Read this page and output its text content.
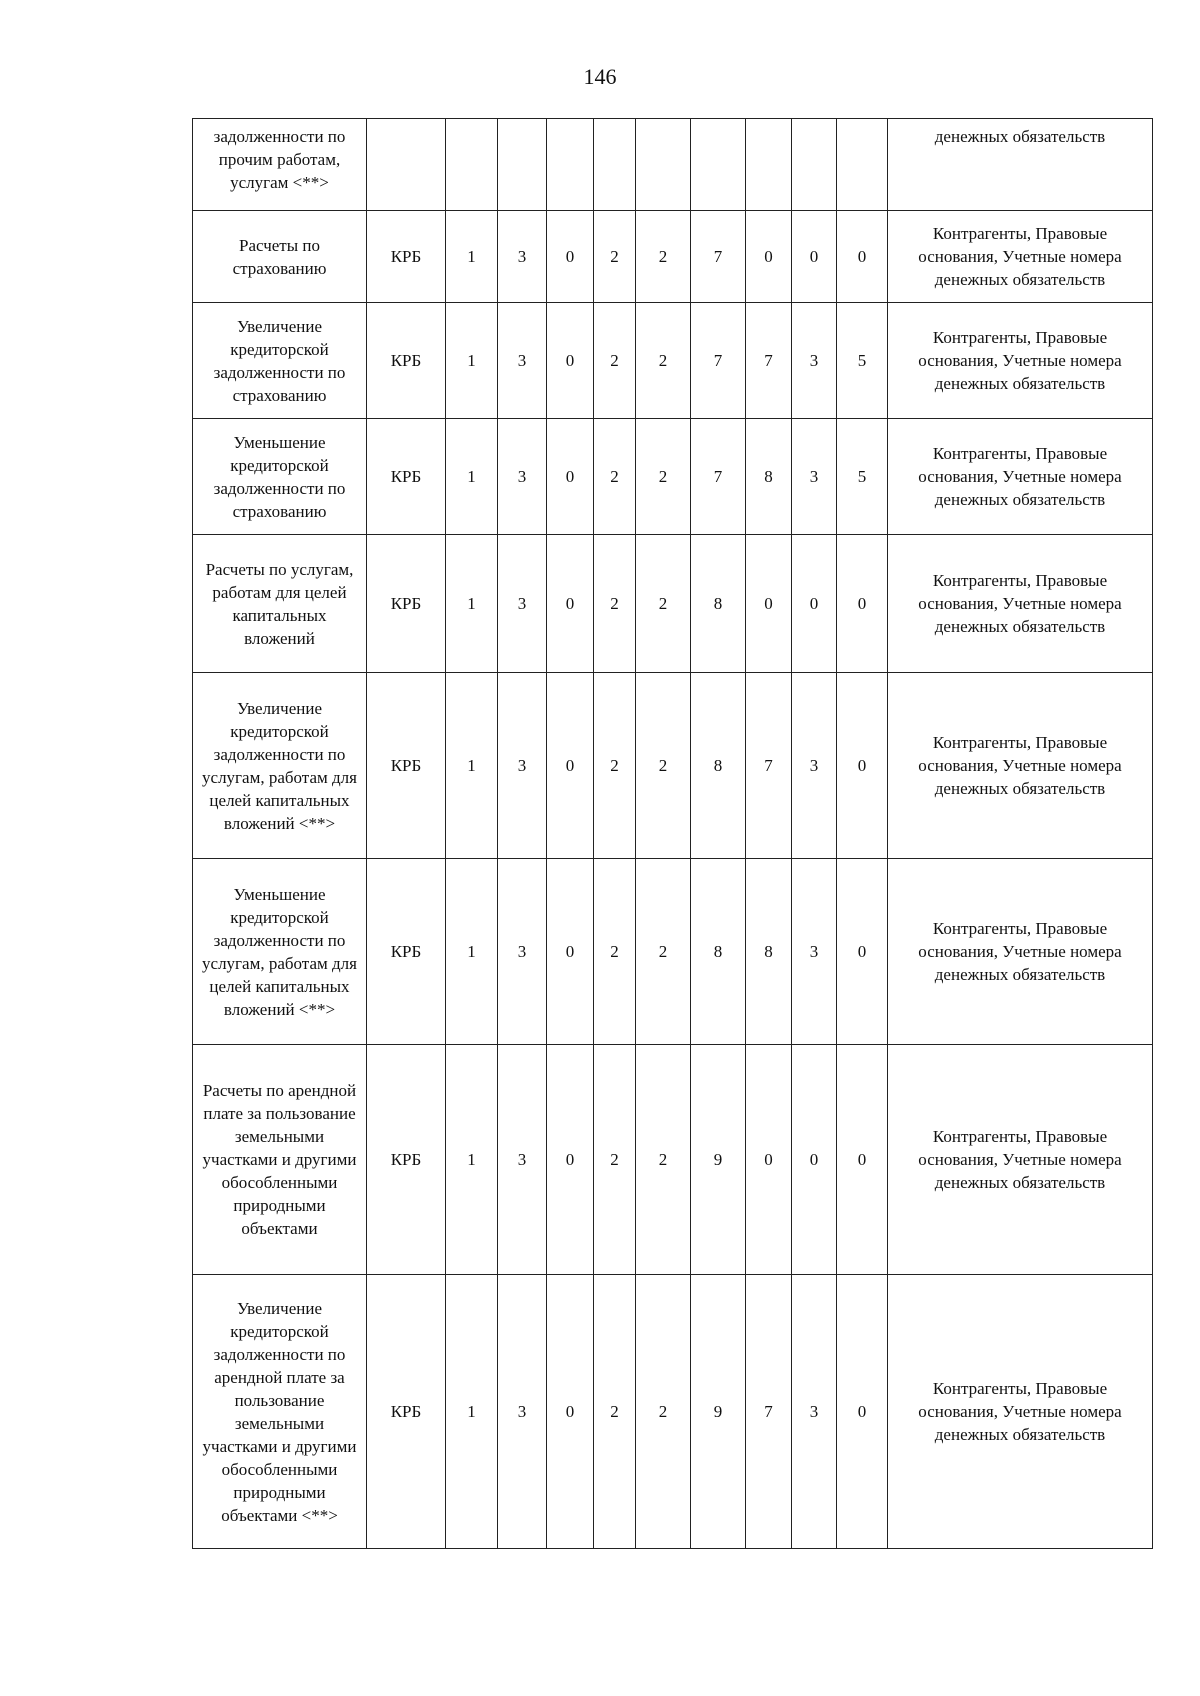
146
задолженности по прочим работам, услугам <**>											денежных обязательств
Расчеты по страхованию	КРБ	1	3	0	2	2	7	0	0	0	Контрагенты, Правовые основания, Учетные номера денежных обязательств
Увеличение кредиторской задолженности по страхованию	КРБ	1	3	0	2	2	7	7	3	5	Контрагенты, Правовые основания, Учетные номера денежных обязательств
Уменьшение кредиторской задолженности по страхованию	КРБ	1	3	0	2	2	7	8	3	5	Контрагенты, Правовые основания, Учетные номера денежных обязательств
Расчеты по услугам, работам для целей капитальных вложений	КРБ	1	3	0	2	2	8	0	0	0	Контрагенты, Правовые основания, Учетные номера денежных обязательств
Увеличение кредиторской задолженности по услугам, работам для целей капитальных вложений <**>	КРБ	1	3	0	2	2	8	7	3	0	Контрагенты, Правовые основания, Учетные номера денежных обязательств
Уменьшение кредиторской задолженности по услугам, работам для целей капитальных вложений <**>	КРБ	1	3	0	2	2	8	8	3	0	Контрагенты, Правовые основания, Учетные номера денежных обязательств
Расчеты по арендной плате за пользование земельными участками и другими обособленными природными объектами	КРБ	1	3	0	2	2	9	0	0	0	Контрагенты, Правовые основания, Учетные номера денежных обязательств
Увеличение кредиторской задолженности по арендной плате за пользование земельными участками и другими обособленными природными объектами <**>	КРБ	1	3	0	2	2	9	7	3	0	Контрагенты, Правовые основания, Учетные номера денежных обязательств
